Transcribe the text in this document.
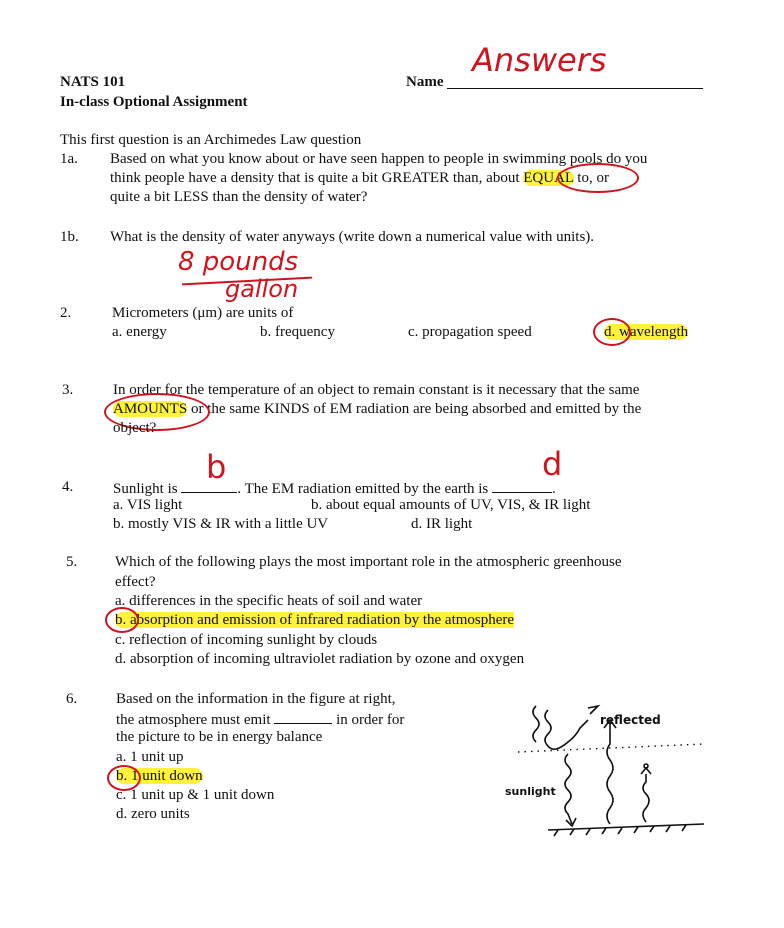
NATS 101
In-class Optional Assignment
Name
Answers
This first question is an Archimedes Law question
1a. Based on what you know about or have seen happen to people in swimming pools do you
think people have a density that is quite a bit GREATER than, about EQUAL to, or
quite a bit LESS than the density of water?
1b. What is the density of water anyways (write down a numerical value with units).
8 pounds
gallon
2.	Micrometers (μm) are units of
a. energy	b. frequency	c. propagation speed	d. wavelength
3.	In order for the temperature of an object to remain constant is it necessary that the same
AMOUNTS or the same KINDS of EM radiation are being absorbed and emitted by the
object?
4.	Sunlight is	. The EM radiation emitted by the earth is	.
b	d
a. VIS light	b. about equal amounts of UV, VIS, & IR light
b. mostly VIS & IR with a little UV	d. IR light
5.	Which of the following plays the most important role in the atmospheric greenhouse
effect?
a. differences in the specific heats of soil and water
b. absorption and emission of infrared radiation by the atmosphere
c. reflection of incoming sunlight by clouds
d. absorption of incoming ultraviolet radiation by ozone and oxygen
6.	Based on the information in the figure at right,
the atmosphere must emit	in order for
the picture to be in energy balance
a. 1 unit up
b. 1 unit down
c. 1 unit up & 1 unit down
d. zero units
reflected
sunlight
